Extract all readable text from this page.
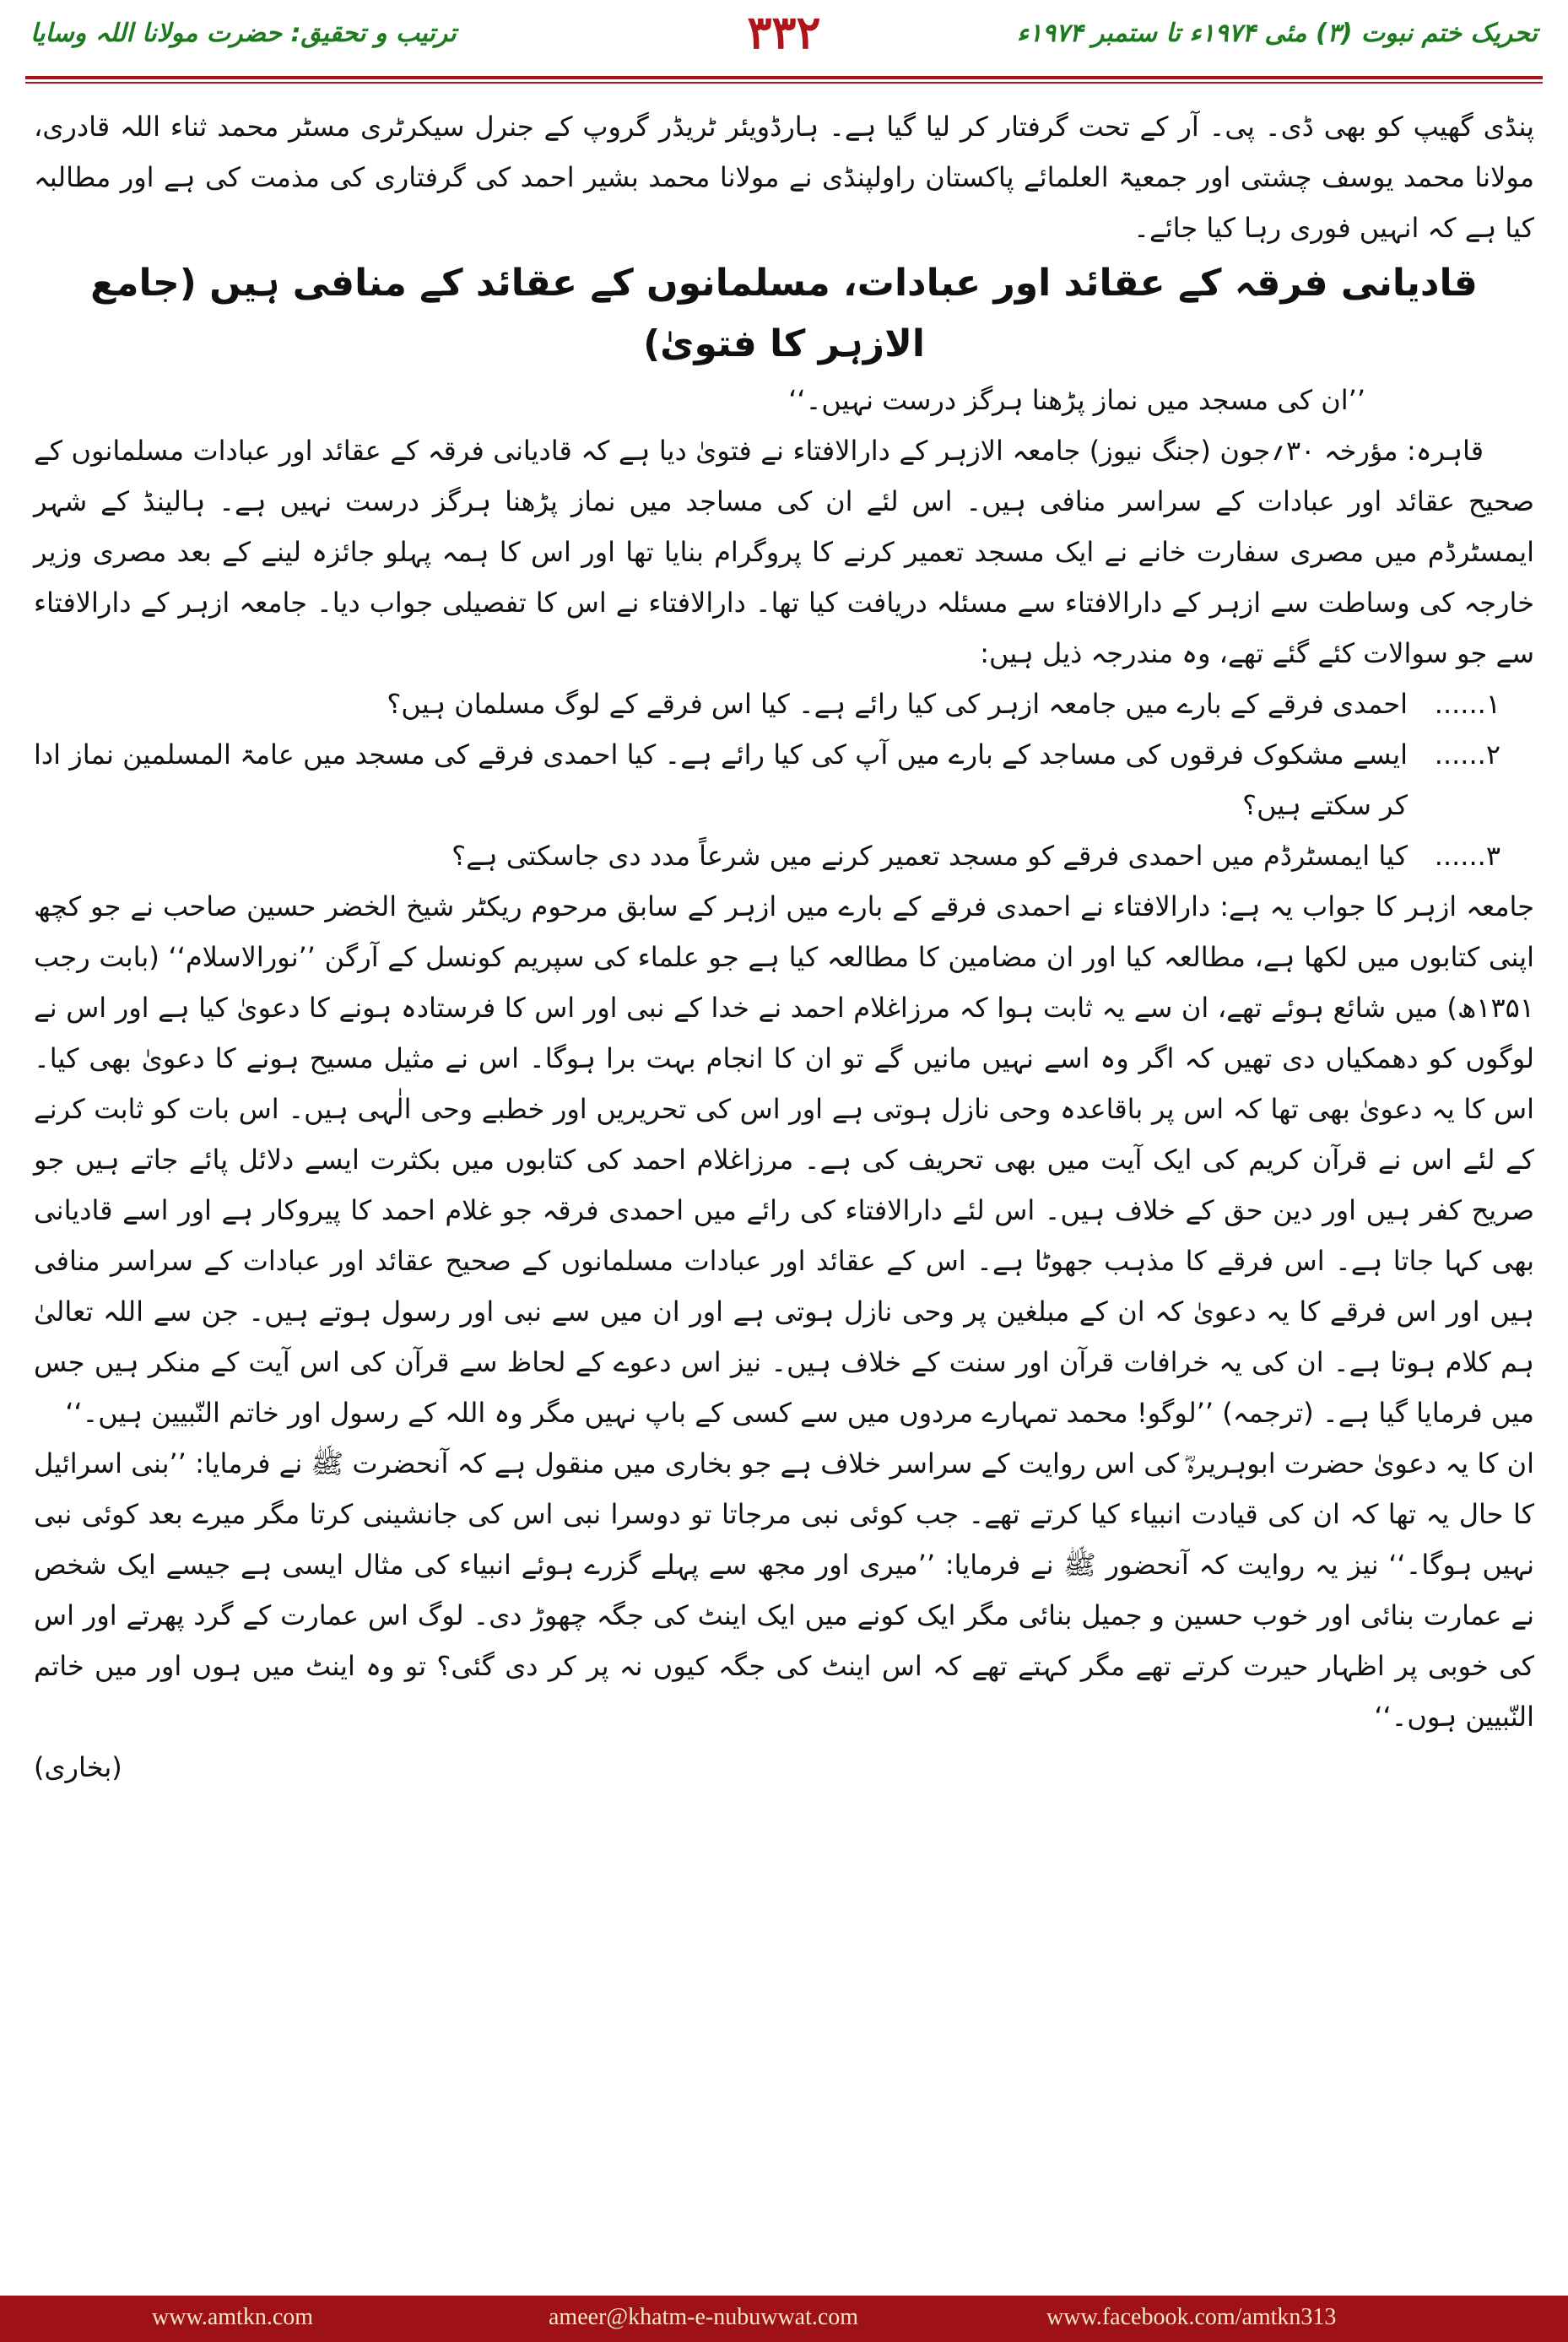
تحریک ختم نبوت (۳) مئی ۱۹۷۴ء تا ستمبر ۱۹۷۴ء
۳۳۲
ترتیب و تحقیق: حضرت مولانا اللہ وسایا

پنڈی گھیپ کو بھی ڈی۔ پی۔ آر کے تحت گرفتار کر لیا گیا ہے۔ ہارڈویئر ٹریڈر گروپ کے جنرل سیکرٹری مسٹر محمد ثناء اللہ قادری، مولانا محمد یوسف چشتی اور جمعیۃ العلمائے پاکستان راولپنڈی نے مولانا محمد بشیر احمد کی گرفتاری کی مذمت کی ہے اور مطالبہ کیا ہے کہ انہیں فوری رہا کیا جائے۔

قادیانی فرقہ کے عقائد اور عبادات، مسلمانوں کے عقائد کے منافی ہیں (جامع الازہر کا فتویٰ)

’’ان کی مسجد میں نماز پڑھنا ہرگز درست نہیں۔‘‘

قاہرہ: مؤرخہ ۳۰؍جون (جنگ نیوز) جامعہ الازہر کے دارالافتاء نے فتویٰ دیا ہے کہ قادیانی فرقہ کے عقائد اور عبادات مسلمانوں کے صحیح عقائد اور عبادات کے سراسر منافی ہیں۔ اس لئے ان کی مساجد میں نماز پڑھنا ہرگز درست نہیں ہے۔ ہالینڈ کے شہر ایمسٹرڈم میں مصری سفارت خانے نے ایک مسجد تعمیر کرنے کا پروگرام بنایا تھا اور اس کا ہمہ پہلو جائزہ لینے کے بعد مصری وزیر خارجہ کی وساطت سے ازہر کے دارالافتاء سے مسئلہ دریافت کیا تھا۔ دارالافتاء نے اس کا تفصیلی جواب دیا۔ جامعہ ازہر کے دارالافتاء سے جو سوالات کئے گئے تھے، وہ مندرجہ ذیل ہیں:

۱......
احمدی فرقے کے بارے میں جامعہ ازہر کی کیا رائے ہے۔ کیا اس فرقے کے لوگ مسلمان ہیں؟
۲......
ایسے مشکوک فرقوں کی مساجد کے بارے میں آپ کی کیا رائے ہے۔ کیا احمدی فرقے کی مسجد میں عامۃ المسلمین نماز ادا کر سکتے ہیں؟
۳......
کیا ایمسٹرڈم میں احمدی فرقے کو مسجد تعمیر کرنے میں شرعاً مدد دی جاسکتی ہے؟

جامعہ ازہر کا جواب یہ ہے: دارالافتاء نے احمدی فرقے کے بارے میں ازہر کے سابق مرحوم ریکٹر شیخ الخضر حسین صاحب نے جو کچھ اپنی کتابوں میں لکھا ہے، مطالعہ کیا اور ان مضامین کا مطالعہ کیا ہے جو علماء کی سپریم کونسل کے آرگن ’’نورالاسلام‘‘ (بابت رجب ۱۳۵۱ھ) میں شائع ہوئے تھے، ان سے یہ ثابت ہوا کہ مرزاغلام احمد نے خدا کے نبی اور اس کا فرستادہ ہونے کا دعویٰ کیا ہے اور اس نے لوگوں کو دھمکیاں دی تھیں کہ اگر وہ اسے نہیں مانیں گے تو ان کا انجام بہت برا ہوگا۔ اس نے مثیل مسیح ہونے کا دعویٰ بھی کیا۔ اس کا یہ دعویٰ بھی تھا کہ اس پر باقاعدہ وحی نازل ہوتی ہے اور اس کی تحریریں اور خطبے وحی الٰہی ہیں۔ اس بات کو ثابت کرنے کے لئے اس نے قرآن کریم کی ایک آیت میں بھی تحریف کی ہے۔ مرزاغلام احمد کی کتابوں میں بکثرت ایسے دلائل پائے جاتے ہیں جو صریح کفر ہیں اور دین حق کے خلاف ہیں۔ اس لئے دارالافتاء کی رائے میں احمدی فرقہ جو غلام احمد کا پیروکار ہے اور اسے قادیانی بھی کہا جاتا ہے۔ اس فرقے کا مذہب جھوٹا ہے۔ اس کے عقائد اور عبادات مسلمانوں کے صحیح عقائد اور عبادات کے سراسر منافی ہیں اور اس فرقے کا یہ دعویٰ کہ ان کے مبلغین پر وحی نازل ہوتی ہے اور ان میں سے نبی اور رسول ہوتے ہیں۔ جن سے اللہ تعالیٰ ہم کلام ہوتا ہے۔ ان کی یہ خرافات قرآن اور سنت کے خلاف ہیں۔ نیز اس دعوے کے لحاظ سے قرآن کی اس آیت کے منکر ہیں جس میں فرمایا گیا ہے۔ (ترجمہ) ’’لوگو! محمد تمہارے مردوں میں سے کسی کے باپ نہیں مگر وہ اللہ کے رسول اور خاتم النّبیین ہیں۔‘‘

ان کا یہ دعویٰ حضرت ابوہریرہؓ کی اس روایت کے سراسر خلاف ہے جو بخاری میں منقول ہے کہ آنحضرت ﷺ نے فرمایا: ’’بنی اسرائیل کا حال یہ تھا کہ ان کی قیادت انبیاء کیا کرتے تھے۔ جب کوئی نبی مرجاتا تو دوسرا نبی اس کی جانشینی کرتا مگر میرے بعد کوئی نبی نہیں ہوگا۔‘‘ نیز یہ روایت کہ آنحضور ﷺ نے فرمایا: ’’میری اور مجھ سے پہلے گزرے ہوئے انبیاء کی مثال ایسی ہے جیسے ایک شخص نے عمارت بنائی اور خوب حسین و جمیل بنائی مگر ایک کونے میں ایک اینٹ کی جگہ چھوڑ دی۔ لوگ اس عمارت کے گرد پھرتے اور اس کی خوبی پر اظہار حیرت کرتے تھے مگر کہتے تھے کہ اس اینٹ کی جگہ کیوں نہ پر کر دی گئی؟ تو وہ اینٹ میں ہوں اور میں خاتم النّبیین ہوں۔‘‘

(بخاری)
www.amtkn.com	ameer@khatm-e-nubuwwat.com	www.facebook.com/amtkn313
